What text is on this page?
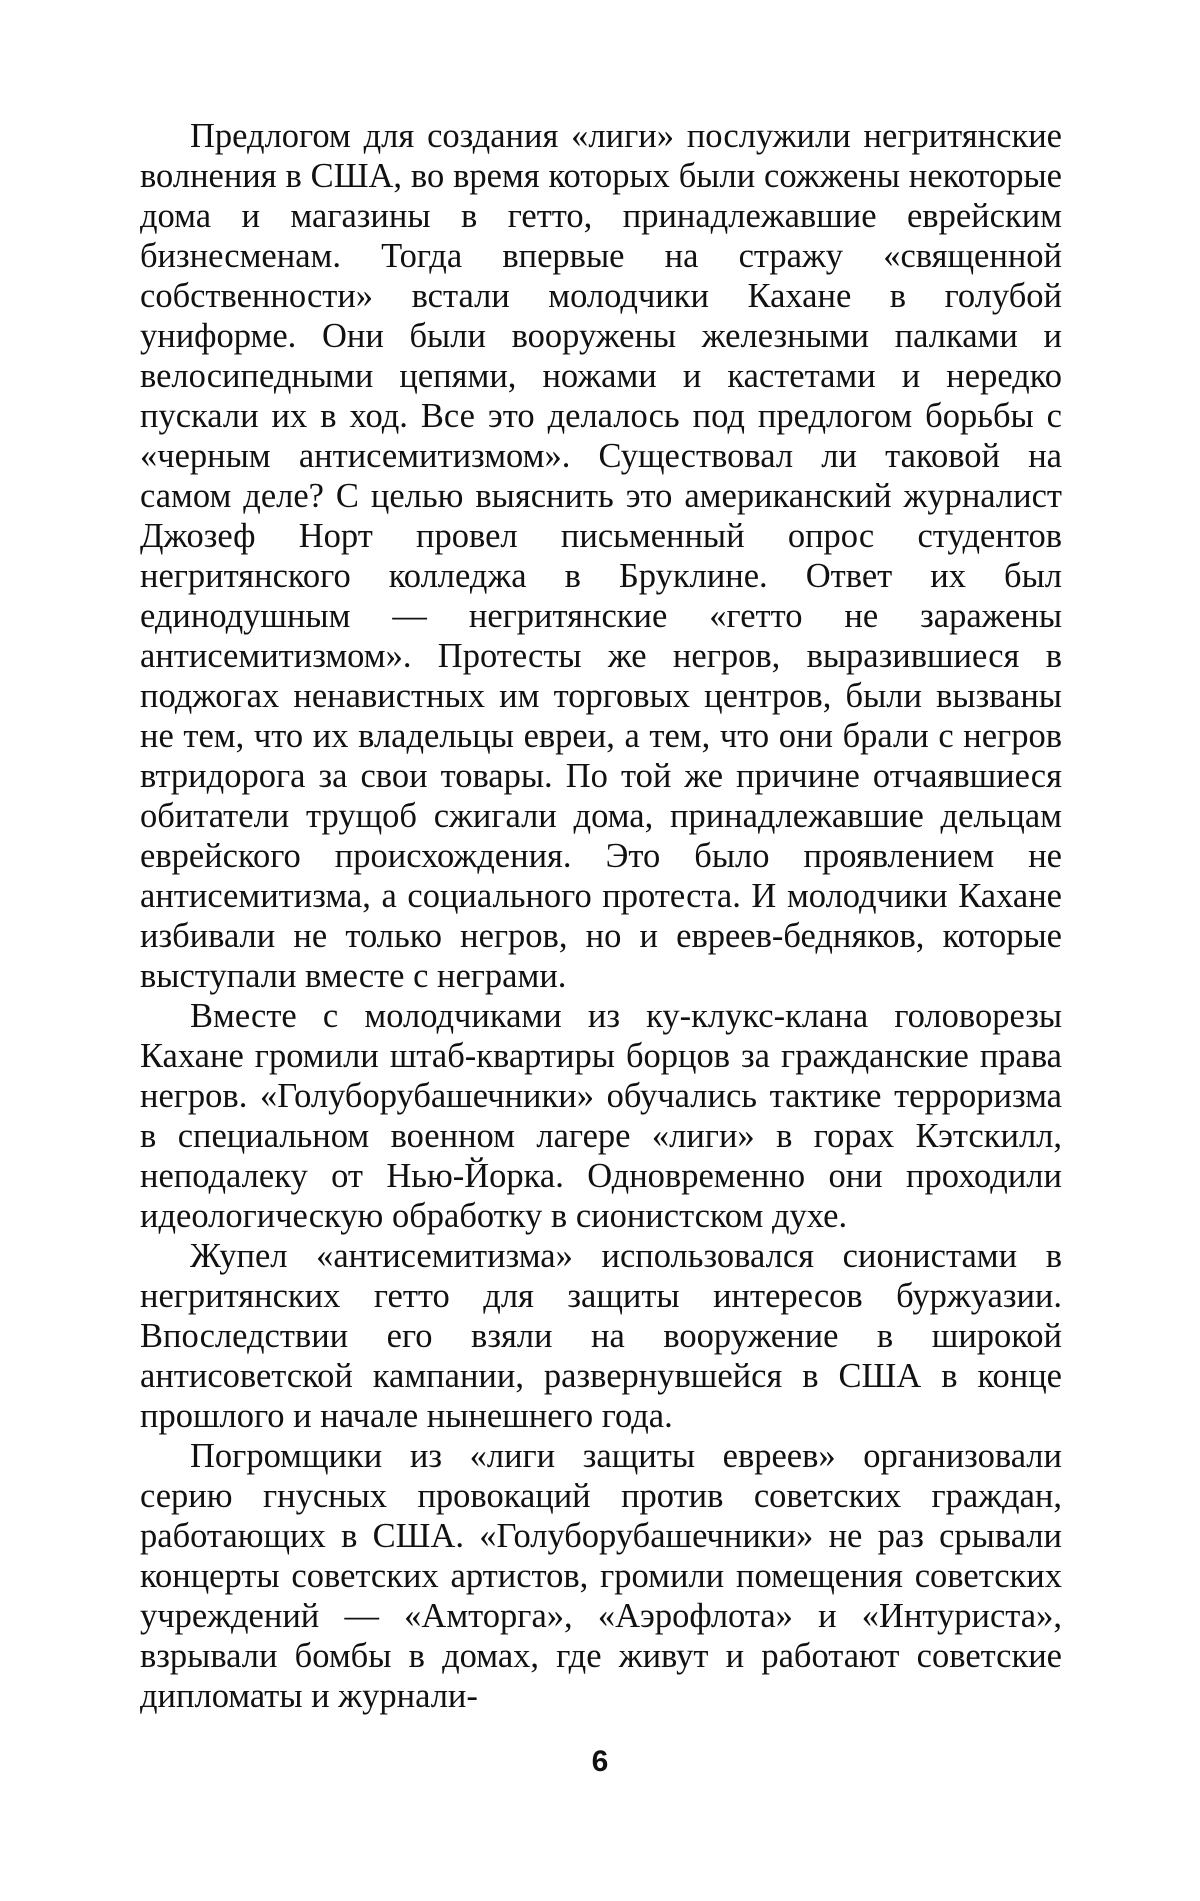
Предлогом для создания «лиги» послужили негритянские волнения в США, во время которых были сожжены некоторые дома и магазины в гетто, принадлежавшие еврейским бизнесменам. Тогда впервые на стражу «священной собственности» встали молодчики Кахане в голубой униформе. Они были вооружены железными палками и велосипедными цепями, ножами и кастетами и нередко пускали их в ход. Все это делалось под предлогом борьбы с «черным антисемитизмом». Существовал ли таковой на самом деле? С целью выяснить это американский журналист Джозеф Норт провел письменный опрос студентов негритянского колледжа в Бруклине. Ответ их был единодушным — негритянские «гетто не заражены антисемитизмом». Протесты же негров, выразившиеся в поджогах ненавистных им торговых центров, были вызваны не тем, что их владельцы евреи, а тем, что они брали с негров втридорога за свои товары. По той же причине отчаявшиеся обитатели трущоб сжигали дома, принадлежавшие дельцам еврейского происхождения. Это было проявлением не антисемитизма, а социального протеста. И молодчики Кахане избивали не только негров, но и евреев-бедняков, которые выступали вместе с неграми.

Вместе с молодчиками из ку-клукс-клана головорезы Кахане громили штаб-квартиры борцов за гражданские права негров. «Голуборубашечники» обучались тактике терроризма в специальном военном лагере «лиги» в горах Кэтскилл, неподалеку от Нью-Йорка. Одновременно они проходили идеологическую обработку в сионистском духе.

Жупел «антисемитизма» использовался сионистами в негритянских гетто для защиты интересов буржуазии. Впоследствии его взяли на вооружение в широкой антисоветской кампании, развернувшейся в США в конце прошлого и начале нынешнего года.

Погромщики из «лиги защиты евреев» организовали серию гнусных провокаций против советских граждан, работающих в США. «Голуборубашечники» не раз срывали концерты советских артистов, громили помещения советских учреждений — «Амторга», «Аэрофлота» и «Интуриста», взрывали бомбы в домах, где живут и работают советские дипломаты и журнали-

6
